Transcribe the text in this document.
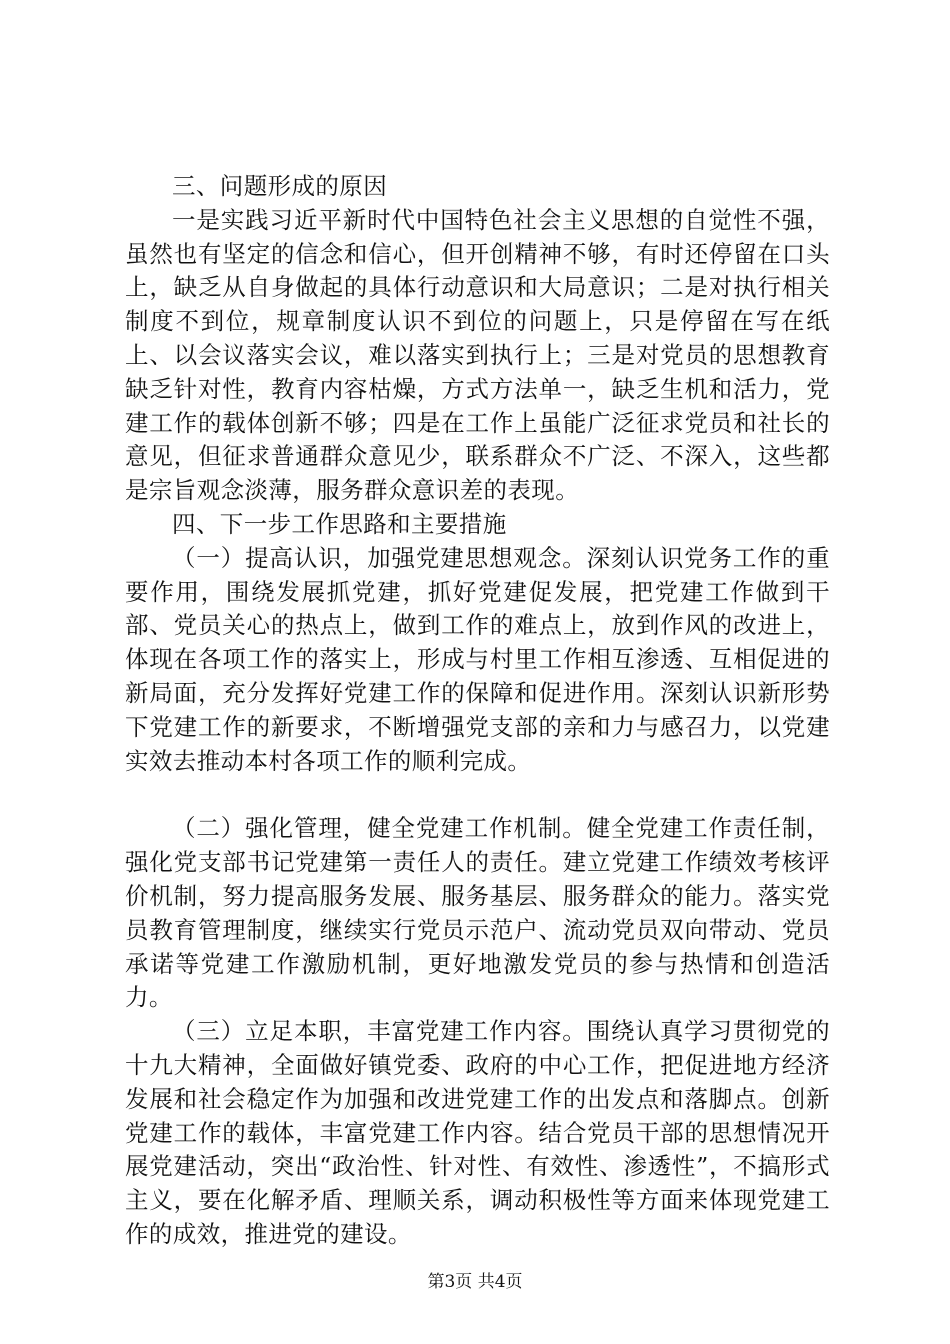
三、问题形成的原因

一是实践习近平新时代中国特色社会主义思想的自觉性不强，虽然也有坚定的信念和信心，但开创精神不够，有时还停留在口头上，缺乏从自身做起的具体行动意识和大局意识；二是对执行相关制度不到位，规章制度认识不到位的问题上，只是停留在写在纸上、以会议落实会议，难以落实到执行上；三是对党员的思想教育缺乏针对性，教育内容枯燥，方式方法单一，缺乏生机和活力，党建工作的载体创新不够；四是在工作上虽能广泛征求党员和社长的意见，但征求普通群众意见少，联系群众不广泛、不深入，这些都是宗旨观念淡薄，服务群众意识差的表现。

四、下一步工作思路和主要措施

（一）提高认识，加强党建思想观念。深刻认识党务工作的重要作用，围绕发展抓党建，抓好党建促发展，把党建工作做到干部、党员关心的热点上，做到工作的难点上，放到作风的改进上，体现在各项工作的落实上，形成与村里工作相互渗透、互相促进的新局面，充分发挥好党建工作的保障和促进作用。深刻认识新形势下党建工作的新要求，不断增强党支部的亲和力与感召力，以党建实效去推动本村各项工作的顺利完成。

（二）强化管理，健全党建工作机制。健全党建工作责任制，强化党支部书记党建第一责任人的责任。建立党建工作绩效考核评价机制，努力提高服务发展、服务基层、服务群众的能力。落实党员教育管理制度，继续实行党员示范户、流动党员双向带动、党员承诺等党建工作激励机制，更好地激发党员的参与热情和创造活力。

（三）立足本职，丰富党建工作内容。围绕认真学习贯彻党的十九大精神，全面做好镇党委、政府的中心工作，把促进地方经济发展和社会稳定作为加强和改进党建工作的出发点和落脚点。创新党建工作的载体，丰富党建工作内容。结合党员干部的思想情况开展党建活动，突出“政治性、针对性、有效性、渗透性”，不搞形式主义，要在化解矛盾、理顺关系，调动积极性等方面来体现党建工作的成效，推进党的建设。

第3页 共4页
